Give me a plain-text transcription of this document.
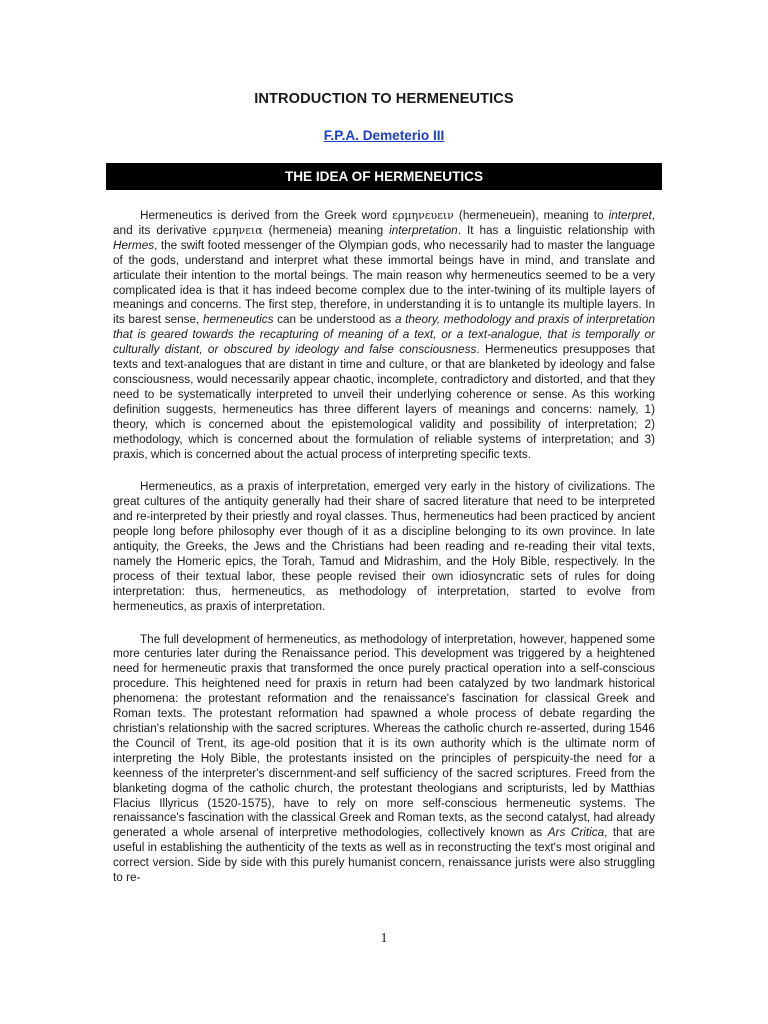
INTRODUCTION TO HERMENEUTICS
F.P.A. Demeterio III
THE IDEA OF HERMENEUTICS

Hermeneutics is derived from the Greek word ερμηνευειν (hermeneuein), meaning to interpret, and its derivative ερμηνεια (hermeneia) meaning interpretation. It has a linguistic relationship with Hermes, the swift footed messenger of the Olympian gods, who necessarily had to master the language of the gods, understand and interpret what these immortal beings have in mind, and translate and articulate their intention to the mortal beings. The main reason why hermeneutics seemed to be a very complicated idea is that it has indeed become complex due to the inter-twining of its multiple layers of meanings and concerns. The first step, therefore, in understanding it is to untangle its multiple layers. In its barest sense, hermeneutics can be understood as a theory, methodology and praxis of interpretation that is geared towards the recapturing of meaning of a text, or a text-analogue, that is temporally or culturally distant, or obscured by ideology and false consciousness. Hermeneutics presupposes that texts and text-analogues that are distant in time and culture, or that are blanketed by ideology and false consciousness, would necessarily appear chaotic, incomplete, contradictory and distorted, and that they need to be systematically interpreted to unveil their underlying coherence or sense. As this working definition suggests, hermeneutics has three different layers of meanings and concerns: namely, 1) theory, which is concerned about the epistemological validity and possibility of interpretation; 2) methodology, which is concerned about the formulation of reliable systems of interpretation; and 3) praxis, which is concerned about the actual process of interpreting specific texts.

Hermeneutics, as a praxis of interpretation, emerged very early in the history of civilizations. The great cultures of the antiquity generally had their share of sacred literature that need to be interpreted and re-interpreted by their priestly and royal classes. Thus, hermeneutics had been practiced by ancient people long before philosophy ever though of it as a discipline belonging to its own province. In late antiquity, the Greeks, the Jews and the Christians had been reading and re-reading their vital texts, namely the Homeric epics, the Torah, Tamud and Midrashim, and the Holy Bible, respectively. In the process of their textual labor, these people revised their own idiosyncratic sets of rules for doing interpretation: thus, hermeneutics, as methodology of interpretation, started to evolve from hermeneutics, as praxis of interpretation.

The full development of hermeneutics, as methodology of interpretation, however, happened some more centuries later during the Renaissance period. This development was triggered by a heightened need for hermeneutic praxis that transformed the once purely practical operation into a self-conscious procedure. This heightened need for praxis in return had been catalyzed by two landmark historical phenomena: the protestant reformation and the renaissance's fascination for classical Greek and Roman texts. The protestant reformation had spawned a whole process of debate regarding the christian's relationship with the sacred scriptures. Whereas the catholic church re-asserted, during 1546 the Council of Trent, its age-old position that it is its own authority which is the ultimate norm of interpreting the Holy Bible, the protestants insisted on the principles of perspicuity-the need for a keenness of the interpreter's discernment-and self sufficiency of the sacred scriptures. Freed from the blanketing dogma of the catholic church, the protestant theologians and scripturists, led by Matthias Flacius Illyricus (1520-1575), have to rely on more self-conscious hermeneutic systems. The renaissance's fascination with the classical Greek and Roman texts, as the second catalyst, had already generated a whole arsenal of interpretive methodologies, collectively known as Ars Critica, that are useful in establishing the authenticity of the texts as well as in reconstructing the text's most original and correct version. Side by side with this purely humanist concern, renaissance jurists were also struggling to re-

1
